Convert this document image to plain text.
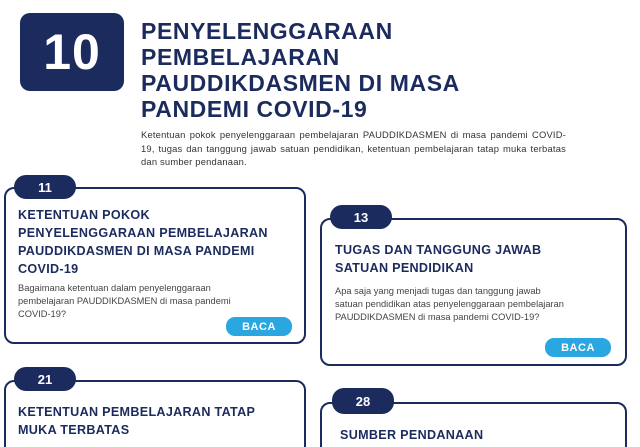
10	PENYELENGGARAAN
PEMBELAJARAN
PAUDDIKDASMEN DI MASA
PANDEMI COVID-19
Ketentuan pokok penyelenggaraan pembelajaran PAUDDIKDASMEN di masa pandemi COVID-19, tugas dan tanggung jawab satuan pendidikan, ketentuan pembelajaran tatap muka terbatas dan sumber pendanaan.
11
KETENTUAN POKOK
PENYELENGGARAAN PEMBELAJARAN
PAUDDIKDASMEN DI MASA PANDEMI
COVID-19
Bagaimana ketentuan dalam penyelenggaraan
pembelajaran PAUDDIKDASMEN di masa pandemi
COVID-19?
BACA
13
TUGAS DAN TANGGUNG JAWAB
SATUAN PENDIDIKAN
Apa saja yang menjadi tugas dan tanggung jawab
satuan pendidikan atas penyelenggaraan pembelajaran
PAUDDIKDASMEN di masa pandemi COVID-19?
BACA
21
KETENTUAN PEMBELAJARAN TATAP
MUKA TERBATAS
28
SUMBER PENDANAAN
